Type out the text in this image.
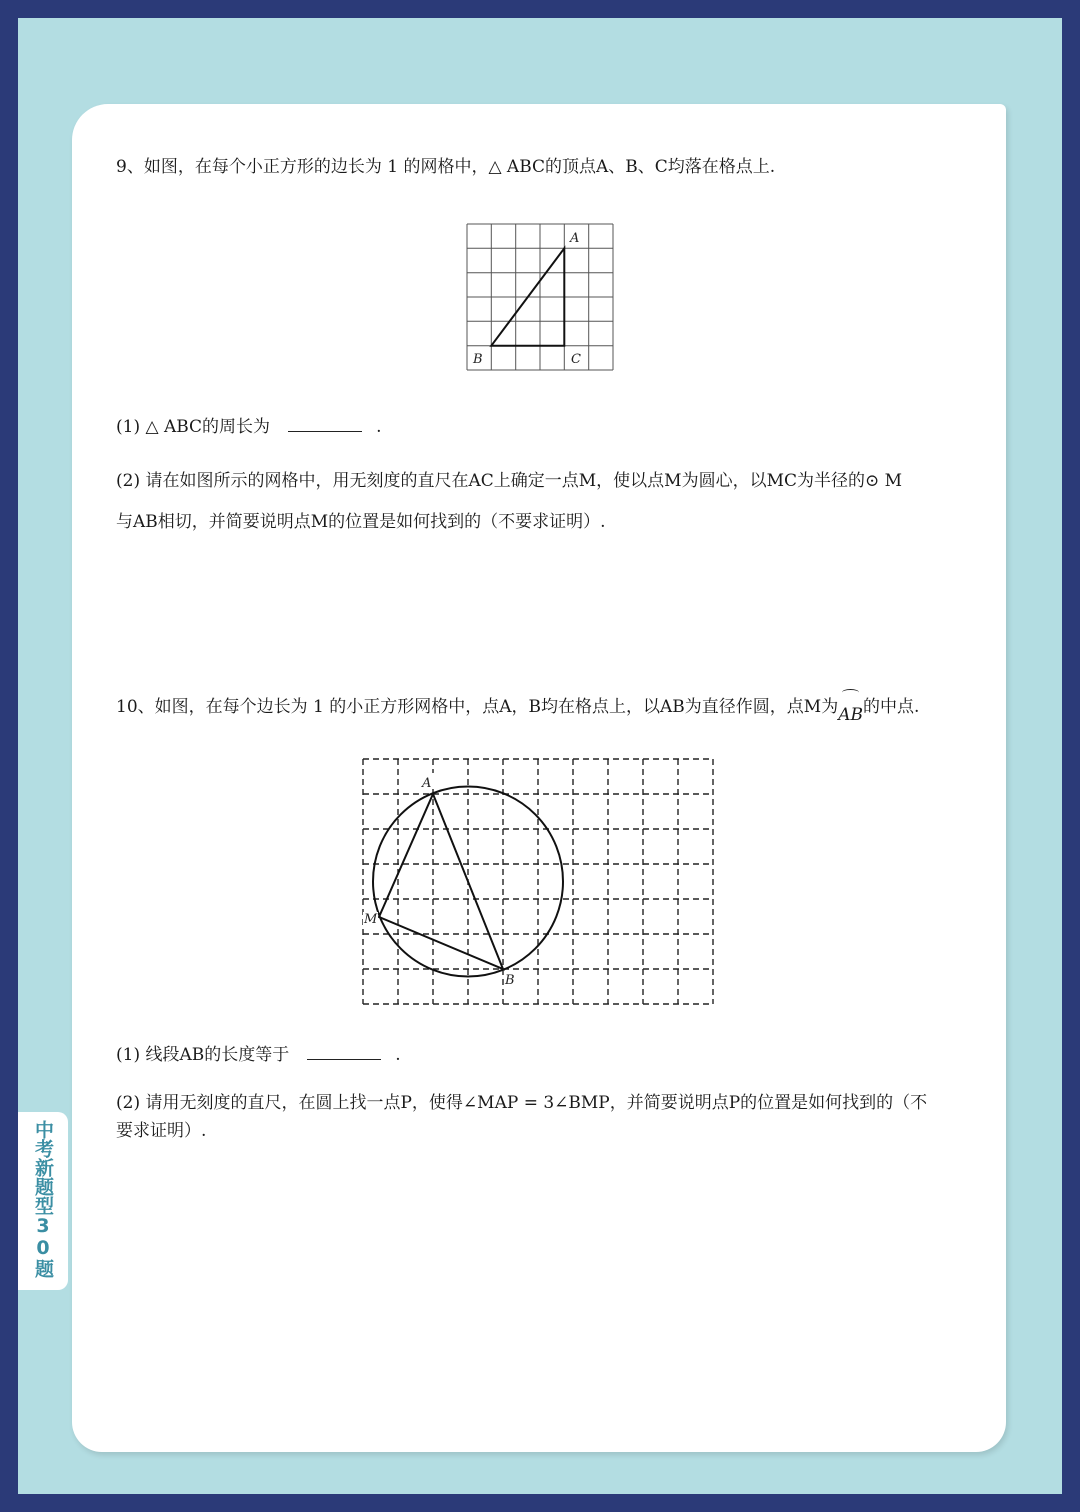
9、如图，在每个小正方形的边长为 1 的网格中，△ ABC的顶点A、B、C均落在格点上.
A
B	C
(1) △ ABC的周长为	.
(2) 请在如图所示的网格中，用无刻度的直尺在AC上确定一点M，使以点M为圆心，以MC为半径的⊙ M
与AB相切，并简要说明点M的位置是如何找到的（不要求证明）.
10、如图，在每个边长为 1 的小正方形网格中，点A，B均在格点上，以AB为直径作圆，点M为AB的中点.
A
B
M
(1) 线段AB的长度等于	.
(2) 请用无刻度的直尺，在圆上找一点P，使得∠MAP = 3∠BMP，并简要说明点P的位置是如何找到的（不
要求证明）.
中考新题型30题
